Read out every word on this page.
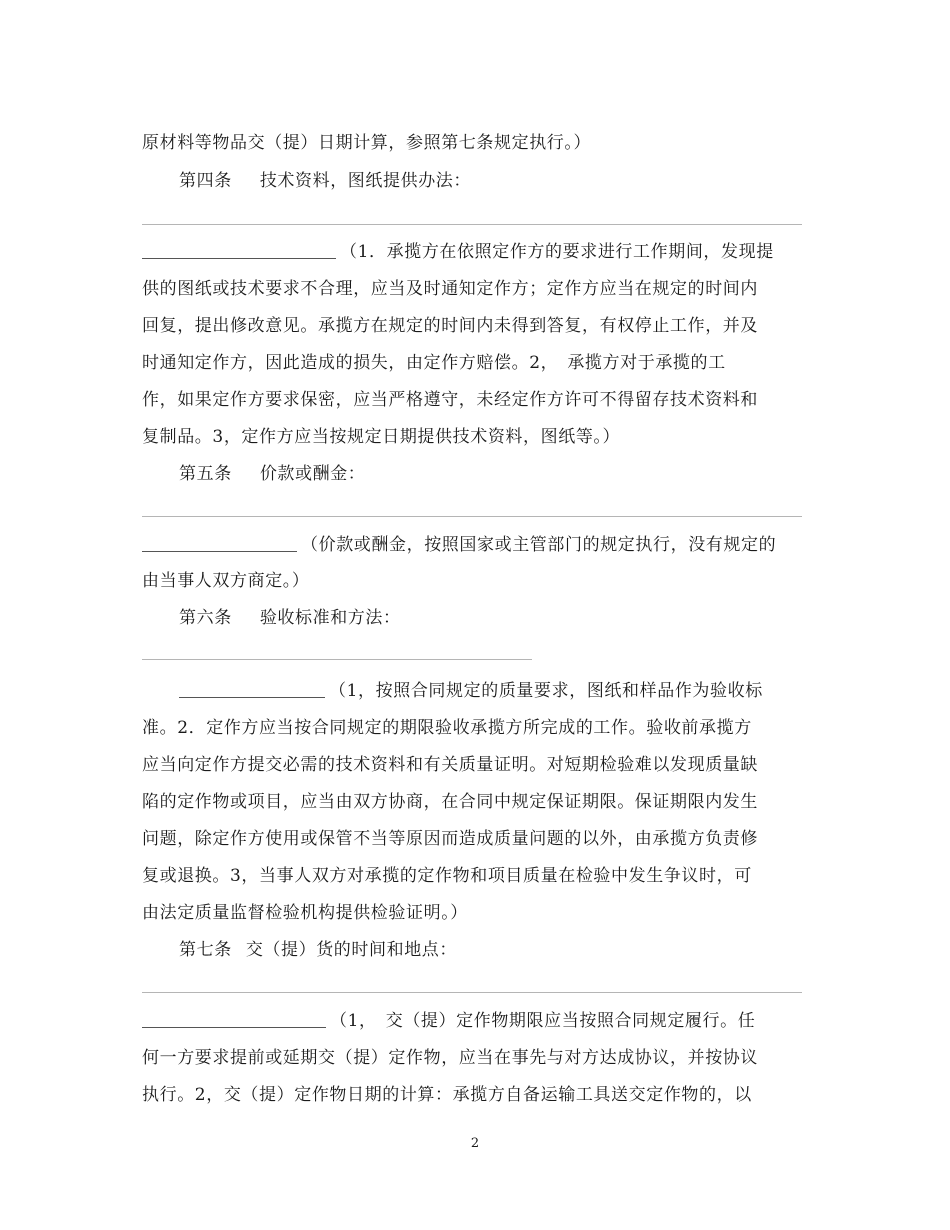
原材料等物品交（提）日期计算，参照第七条规定执行。）
第四条 技术资料，图纸提供办法：
（1．承揽方在依照定作方的要求进行工作期间，发现提
供的图纸或技术要求不合理，应当及时通知定作方；定作方应当在规定的时间内
回复，提出修改意见。承揽方在规定的时间内未得到答复，有权停止工作，并及
时通知定作方，因此造成的损失，由定作方赔偿。2，　承揽方对于承揽的工
作，如果定作方要求保密，应当严格遵守，未经定作方许可不得留存技术资料和
复制品。3，定作方应当按规定日期提供技术资料，图纸等。）
第五条 价款或酬金：
（价款或酬金，按照国家或主管部门的规定执行，没有规定的
由当事人双方商定。）
第六条 验收标准和方法：
（1，按照合同规定的质量要求，图纸和样品作为验收标
准。2．定作方应当按合同规定的期限验收承揽方所完成的工作。验收前承揽方
应当向定作方提交必需的技术资料和有关质量证明。对短期检验难以发现质量缺
陷的定作物或项目，应当由双方协商，在合同中规定保证期限。保证期限内发生
问题，除定作方使用或保管不当等原因而造成质量问题的以外，由承揽方负责修
复或退换。3，当事人双方对承揽的定作物和项目质量在检验中发生争议时，可
由法定质量监督检验机构提供检验证明。）
第七条 交（提）货的时间和地点：
（1，　交（提）定作物期限应当按照合同规定履行。任
何一方要求提前或延期交（提）定作物，应当在事先与对方达成协议，并按协议
执行。2，交（提）定作物日期的计算：承揽方自备运输工具送交定作物的，以
2
